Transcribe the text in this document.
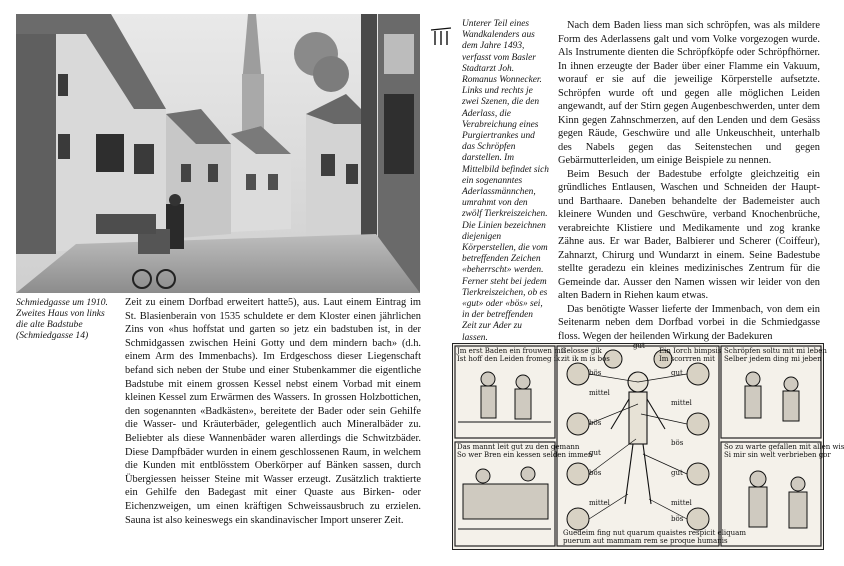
Schmiedgasse um 1910. Zweites Haus von links die alte Badstube (Schmiedgasse 14)

Zeit zu einem Dorfbad erweitert hatte5), aus. Laut einem Eintrag im St. Blasienberain von 1535 schuldete er dem Kloster einen jährlichen Zins von «hus hoffstat und garten so jetz ein badstuben ist, in der Schmidgassen zwischen Heini Gotty und dem mindern bach» (d.h. einem Arm des Immenbachs). Im Erdgeschoss dieser Liegenschaft befand sich neben der Stube und einer Stubenkammer die eigentliche Badstube mit einem grossen Kessel nebst einem Vorbad mit einem kleinen Kessel zum Erwärmen des Wassers. In grossen Holzbottichen, den sogenannten «Badkästen», bereitete der Bader oder sein Gehilfe die Wasser- und Kräuterbäder, gelegentlich auch Mineralbäder zu. Beliebter als diese Wannenbäder waren allerdings die Schwitzbäder. Diese Dampfbäder wurden in einem geschlossenen Raum, in welchem die Kunden mit entblösstem Oberkörper auf Bänken sassen, durch Übergiessen heisser Steine mit Wasser erzeugt. Zusätzlich traktierte ein Gehilfe den Badegast mit einer Quaste aus Birken- oder Eichenzweigen, um einen kräftigen Schweissausbruch zu erzielen. Sauna ist also keineswegs ein skandinavischer Import unserer Zeit.

Unterer Teil eines Wandkalenders aus dem Jahre 1493, verfasst vom Basler Stadtarzt Joh. Romanus Wonnecker. Links und rechts je zwei Szenen, die den Aderlass, die Verabreichung eines Purgiertrankes und das Schröpfen darstellen. Im Mittelbild befindet sich ein sogenanntes Aderlassmännchen, umrahmt von den zwölf Tierkreiszeichen. Die Linien bezeichnen diejenigen Körperstellen, die vom betreffenden Zeichen «beherrscht» werden. Ferner steht bei jedem Tierkreiszeichen, ob es «gut» oder «bös» sei, in der betreffenden Zeit zur Ader zu lassen.

Nach dem Baden liess man sich schröpfen, was als mildere Form des Aderlassens galt und vom Volke vorgezogen wurde. Als Instrumente dienten die Schröpfköpfe oder Schröpfhörner. In ihnen erzeugte der Bader über einer Flamme ein Vakuum, worauf er sie auf die jeweilige Körperstelle aufsetzte. Schröpfen wurde oft und gegen alle möglichen Leiden angewandt, auf der Stirn gegen Augenbeschwerden, unter dem Kinn gegen Zahnschmerzen, auf den Lenden und dem Gesäss gegen Räude, Geschwüre und alle Unkeuschheit, unterhalb des Nabels gegen das Seitenstechen und gegen Gebärmutterleiden, um einige Beispiele zu nennen.

Beim Besuch der Badestube erfolgte gleichzeitig ein gründliches Entlausen, Waschen und Schneiden der Haupt- und Barthaare. Daneben behandelte der Bademeister auch kleinere Wunden und Geschwüre, verband Knochenbrüche, verabreichte Klistiere und Medikamente und zog kranke Zähne aus. Er war Bader, Balbierer und Scherer (Coiffeur), Zahnarzt, Chirurg und Wundarzt in einem. Seine Badestube stellte geradezu ein kleines medizinisches Zentrum für die Gemeinde dar. Ausser den Namen wissen wir leider von den alten Badern in Riehen kaum etwas.

Das benötigte Wasser lieferte der Immenbach, von dem ein Seitenarm neben dem Dorfbad vorbei in die Schmiedgasse floss. Wegen der heilenden Wirkung der Badekuren

Jm erst Baden ein frouwen mit
Ist hoff den Leiden fromeg ik
Gelosse gik
zit ik m is bos
Ein Iorch bimpsis
Im scorrren mit
Schröpfen soltu mit mi leben
Selber jedem ding mi jeben
Das mannt leit gut zu den gemann
So wer Bren ein kessen selden immen
So zu warte gefallen mit allen wis
Si mir sin welt verbrieben gor
Guedeim fing nut quarum quaistes respicit eliquam
puerum aut mammam rem se proque humanis
gut
bös
mittel
bös
gut
bös
mittel
gut
mittel
bös
gut
mittel
bös
